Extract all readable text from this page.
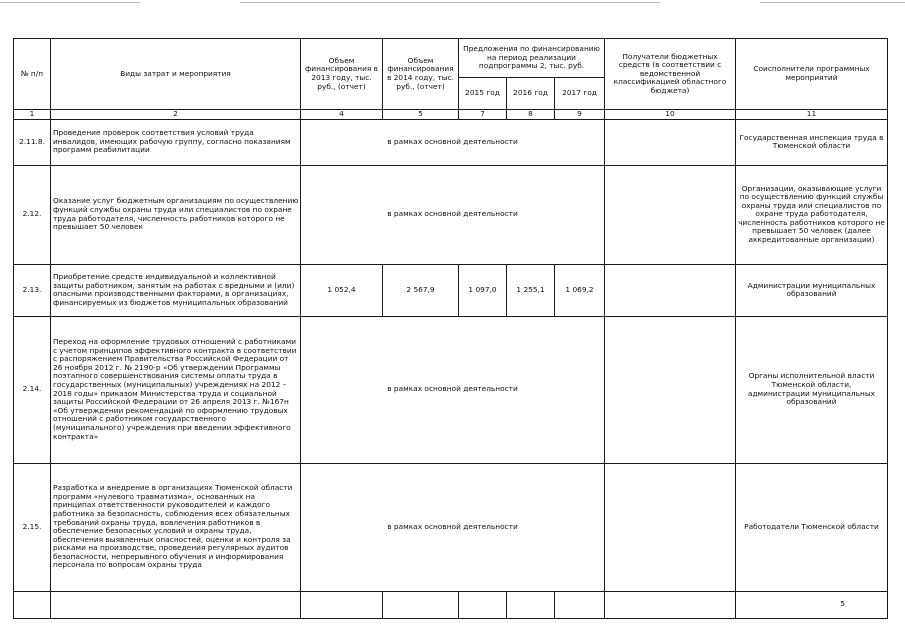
№ п/п	Виды затрат и мероприятия	Объем финансирования в 2013 году, тыс. руб., (отчет)	Объем финансирования в 2014 году, тыс. руб., (отчет)	Предложения по финансированию на период реализации подпрограммы 2, тыс. руб.			Получатели бюджетных средств (в соответствии с ведомственной классификацией областного бюджета)	Соисполнители программных мероприятий
				2015 год	2016 год	2017 год		
1	2	4	5	7	8	9	10	11
2.11.8.	Проведение проверок соответствия условий труда инвалидов, имеющих рабочую группу, согласно показаниям программ реабилитации	в рамках основной деятельности						Государственная инспекция труда в Тюменской области
2.12.	Оказание услуг бюджетным организациям по осуществлению функций службы охраны труда или специалистов по охране труда работодателя, численность работников которого не превышает 50 человек	в рамках основной деятельности						Организации, оказывающие услуги по осуществлению функций службы охраны труда или специалистов по охране труда работодателя, численность работников которого не превышает 50 человек (далее аккредитованные организации)
2.13.	Приобретение средств индивидуальной и коллективной защиты работником, занятым на работах с вредными и (или) опасными производственными факторами, в организациях, финансируемых из бюджетов муниципальных образований	1 052,4	2 567,9	1 097,0	1 255,1	1 069,2		Администрации муниципальных образований
2.14.	Переход на оформление трудовых отношений с работниками с учетом принципов эффективного контракта в соответствии с распоряжением Правительства Российской Федерации от 26 ноября 2012 г. № 2190-р «Об утверждении Программы поэтапного совершенствования системы оплаты труда в государственных (муниципальных) учреждениях на 2012 – 2018 годы» приказом Министерства труда и социальной защиты Российской Федерации от 26 апреля 2013 г. №167н «Об утверждении рекомендаций по оформлению трудовых отношений с работником государственного (муниципального) учреждения при введении эффективного контракта»	в рамках основной деятельности						Органы исполнительной власти Тюменской области, администрации муниципальных образований
2.15.	Разработка и внедрение в организациях Тюменской области программ «нулевого травматизма», основанных на принципах ответственности руководителей и каждого работника за безопасность, соблюдения всех обязательных требований охраны труда, вовлечения работников в обеспечение безопасных условий и охраны труда, обеспечения выявленных опасностей, оценки и контроля за рисками на производстве, проведения регулярных аудитов безопасности, непрерывного обучения и информирования персонала по вопросам охраны труда	в рамках основной деятельности						Работодатели Тюменской области
								5
